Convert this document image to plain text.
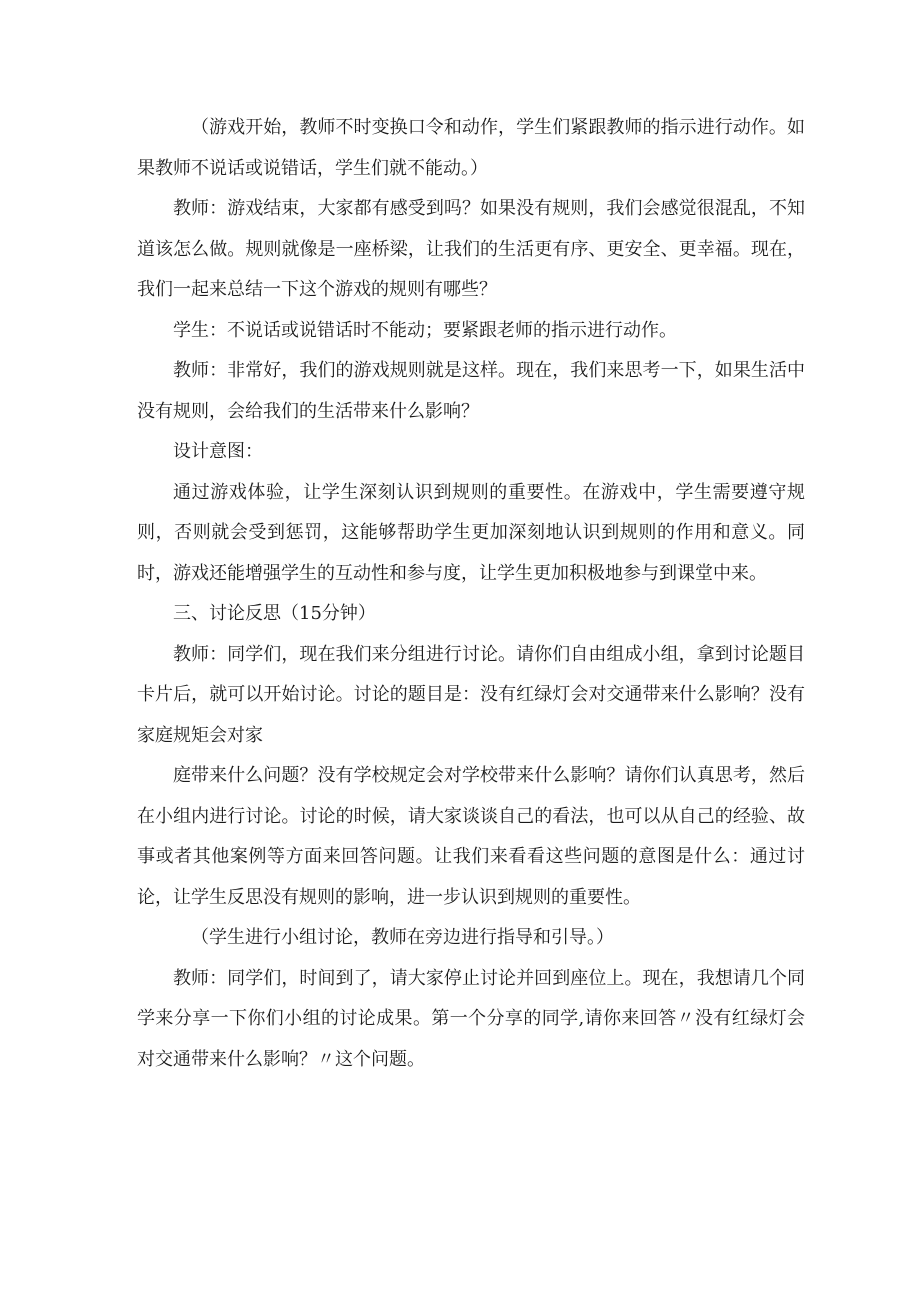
（游戏开始，教师不时变换口令和动作，学生们紧跟教师的指示进行动作。如果教师不说话或说错话，学生们就不能动。）

教师：游戏结束，大家都有感受到吗？如果没有规则，我们会感觉很混乱，不知道该怎么做。规则就像是一座桥梁，让我们的生活更有序、更安全、更幸福。现在，我们一起来总结一下这个游戏的规则有哪些？

学生：不说话或说错话时不能动；要紧跟老师的指示进行动作。

教师：非常好，我们的游戏规则就是这样。现在，我们来思考一下，如果生活中没有规则，会给我们的生活带来什么影响？

设计意图：

通过游戏体验，让学生深刻认识到规则的重要性。在游戏中，学生需要遵守规则，否则就会受到惩罚，这能够帮助学生更加深刻地认识到规则的作用和意义。同时，游戏还能增强学生的互动性和参与度，让学生更加积极地参与到课堂中来。

三、讨论反思（15分钟）

教师：同学们，现在我们来分组进行讨论。请你们自由组成小组，拿到讨论题目卡片后，就可以开始讨论。讨论的题目是：没有红绿灯会对交通带来什么影响？没有家庭规矩会对家

庭带来什么问题？没有学校规定会对学校带来什么影响？请你们认真思考，然后在小组内进行讨论。讨论的时候，请大家谈谈自己的看法，也可以从自己的经验、故事或者其他案例等方面来回答问题。让我们来看看这些问题的意图是什么：通过讨论，让学生反思没有规则的影响，进一步认识到规则的重要性。

（学生进行小组讨论，教师在旁边进行指导和引导。）

教师：同学们，时间到了，请大家停止讨论并回到座位上。现在，我想请几个同学来分享一下你们小组的讨论成果。第一个分享的同学,请你来回答〃没有红绿灯会对交通带来什么影响？〃这个问题。
